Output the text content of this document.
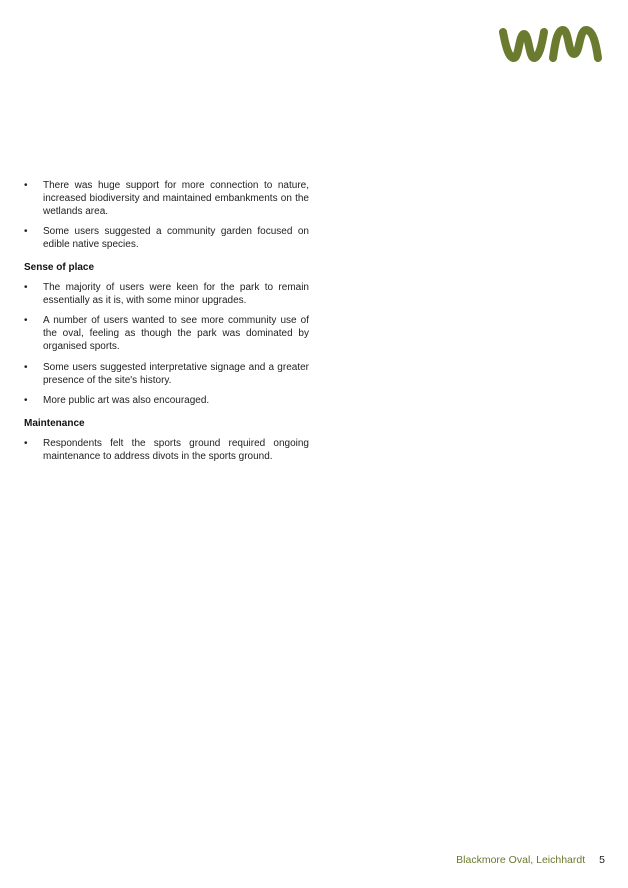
•	There was huge support for more connection to nature, increased biodiversity and maintained embankments on the wetlands area.
•	Some users suggested a community garden focused on edible native species.
Sense of place
•	The majority of users were keen for the park to remain essentially as it is, with some minor upgrades.
•	A number of users wanted to see more community use of the oval, feeling as though the park was dominated by organised sports.
•	Some users suggested interpretative signage and a greater presence of the site's history.
•	More public art was also encouraged.
Maintenance
•	Respondents felt the sports ground required ongoing maintenance to address divots in the sports ground.
Blackmore Oval, Leichhardt 5
